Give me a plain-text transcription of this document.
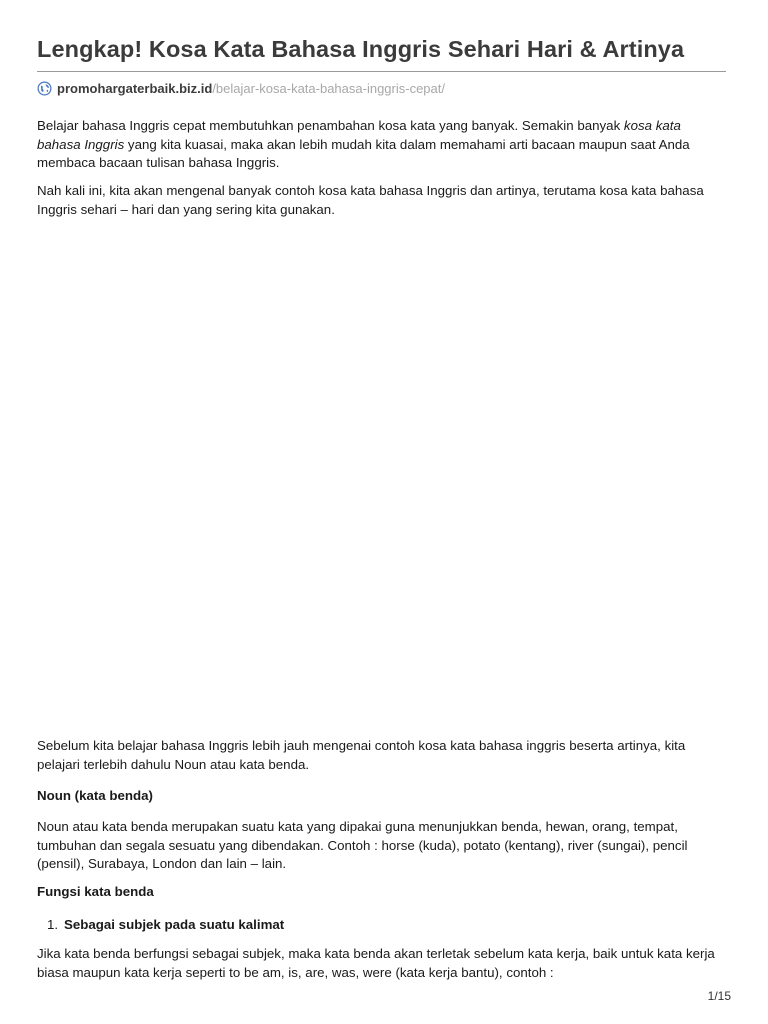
Lengkap! Kosa Kata Bahasa Inggris Sehari Hari & Artinya
promohargaterbaik.biz.id /belajar-kosa-kata-bahasa-inggris-cepat/

Belajar bahasa Inggris cepat membutuhkan penambahan kosa kata yang banyak. Semakin banyak kosa kata bahasa Inggris yang kita kuasai, maka akan lebih mudah kita dalam memahami arti bacaan maupun saat Anda membaca bacaan tulisan bahasa Inggris.

Nah kali ini, kita akan mengenal banyak contoh kosa kata bahasa Inggris dan artinya, terutama kosa kata bahasa Inggris sehari – hari dan yang sering kita gunakan.

Sebelum kita belajar bahasa Inggris lebih jauh mengenai contoh kosa kata bahasa inggris beserta artinya, kita pelajari terlebih dahulu Noun atau kata benda.

Noun (kata benda)

Noun atau kata benda merupakan suatu kata yang dipakai guna menunjukkan benda, hewan, orang, tempat, tumbuhan dan segala sesuatu yang dibendakan. Contoh : horse (kuda), potato (kentang), river (sungai), pencil (pensil), Surabaya, London dan lain – lain.

Fungsi kata benda

1. Sebagai subjek pada suatu kalimat

Jika kata benda berfungsi sebagai subjek, maka kata benda akan terletak sebelum kata kerja, baik untuk kata kerja biasa maupun kata kerja seperti to be am, is, are, was, were (kata kerja bantu), contoh :

1/15
